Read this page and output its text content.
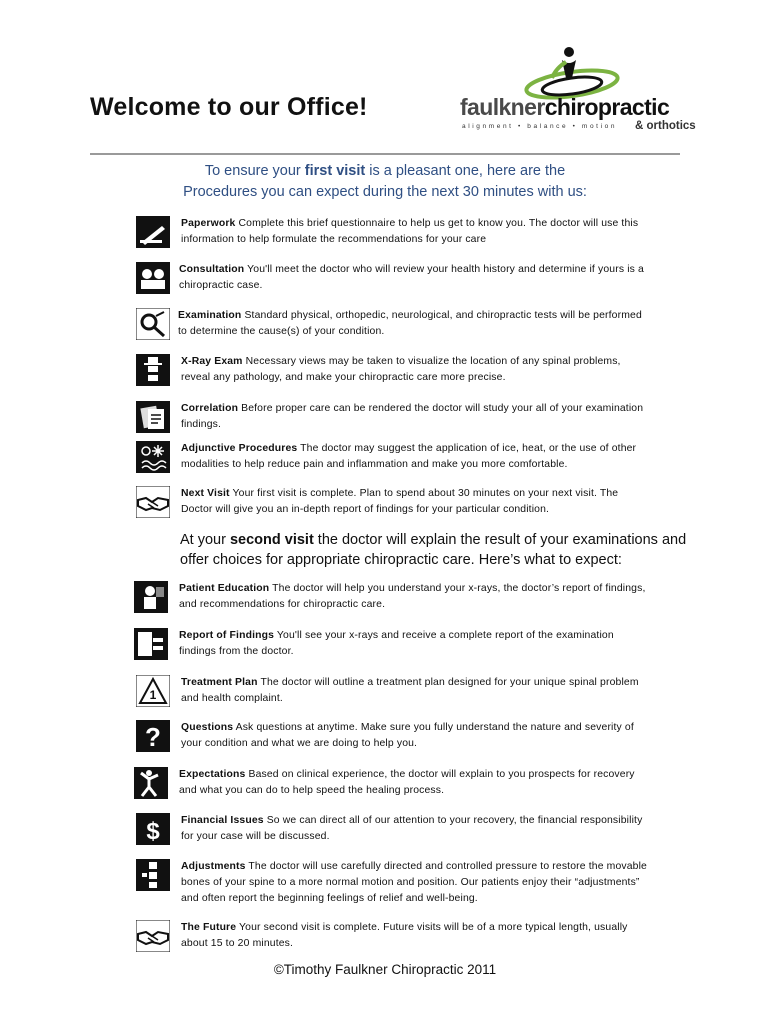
Welcome to our Office!	faulknerchiropractic
alignment • balance • motion & orthotics
To ensure your first visit is a pleasant one, here are the
Procedures you can expect during the next 30 minutes with us:
Paperwork Complete this brief questionnaire to help us get to know you. The doctor will use this
information to help formulate the recommendations for your care
Consultation You'll meet the doctor who will review your health history and determine if yours is a
chiropractic case.
Examination Standard physical, orthopedic, neurological, and chiropractic tests will be performed
to determine the cause(s) of your condition.
X-Ray Exam Necessary views may be taken to visualize the location of any spinal problems,
reveal any pathology, and make your chiropractic care more precise.
Correlation Before proper care can be rendered the doctor will study your all of your examination
findings.
Adjunctive Procedures The doctor may suggest the application of ice, heat, or the use of other
modalities to help reduce pain and inflammation and make you more comfortable.
Next Visit Your first visit is complete. Plan to spend about 30 minutes on your next visit. The
Doctor will give you an in-depth report of findings for your particular condition.
At your second visit the doctor will explain the result of your examinations and
offer choices for appropriate chiropractic care. Here’s what to expect:
Patient Education The doctor will help you understand your x-rays, the doctor’s report of findings,
and recommendations for chiropractic care.
Report of Findings You'll see your x-rays and receive a complete report of the examination
findings from the doctor.
1
Treatment Plan The doctor will outline a treatment plan designed for your unique spinal problem
and health complaint.
? Questions Ask questions at anytime. Make sure you fully understand the nature and severity of
your condition and what we are doing to help you.
Expectations Based on clinical experience, the doctor will explain to you prospects for recovery
and what you can do to help speed the healing process.
$ Financial Issues So we can direct all of our attention to your recovery, the financial responsibility
for your case will be discussed.
Adjustments The doctor will use carefully directed and controlled pressure to restore the movable
bones of your spine to a more normal motion and position. Our patients enjoy their “adjustments”
and often report the beginning feelings of relief and well-being.
The Future Your second visit is complete. Future visits will be of a more typical length, usually
about 15 to 20 minutes.
©Timothy Faulkner Chiropractic 2011
